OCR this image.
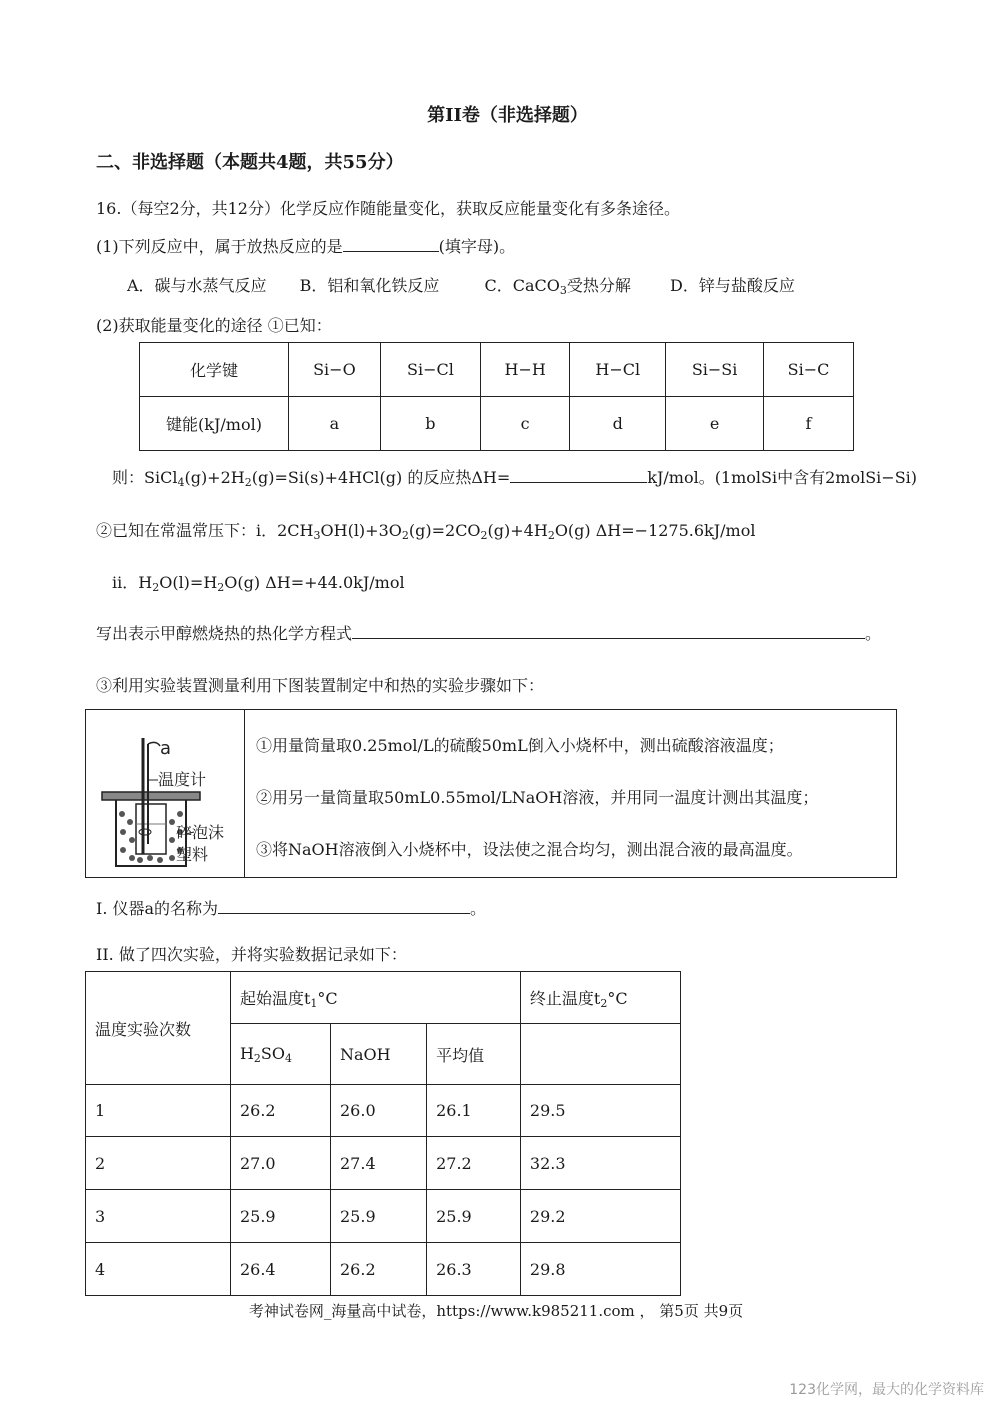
第II卷（非选择题）
二、非选择题（本题共4题，共55分）
16.（每空2分，共12分）化学反应作随能量变化，获取反应能量变化有多条途径。
(1)下列反应中，属于放热反应的是	(填字母)。
A．碳与水蒸气反应 B．铝和氧化铁反应	C．CaCO$_3$受热分解 D．锌与盐酸反应
(2)获取能量变化的途径 ①已知：
化学键	Si−O	Si−Cl	H−H	H−Cl	Si−Si	Si−C
键能(kJ/mol)	a	b	c	d	e	f
则：$SiCl_4(g)+2H_2(g)=Si(s)+4HCl(g)$ 的反应热ΔH=	kJ/mol。(1molSi中含有2molSi−Si)
②已知在常温常压下：i．$2CH_3OH(l)+3O_2(g)=2CO_2(g)+4H_2O(g)$ ΔH=−1275.6kJ/mol
ii．$H_2O(l)=H_2O(g)$ ΔH=+44.0kJ/mol
写出表示甲醇燃烧热的热化学方程式	。
③利用实验装置测量利用下图装置制定中和热的实验步骤如下：
a
温度计
碎泡沫
塑料
①用量筒量取0.25mol/L的硫酸50mL倒入小烧杯中，测出硫酸溶液温度；
②用另一量筒量取50mL0.55mol/LNaOH溶液，并用同一温度计测出其温度；
③将NaOH溶液倒入小烧杯中，设法使之混合均匀，测出混合液的最高温度。
I. 仪器a的名称为	。
II. 做了四次实验，并将实验数据记录如下：
温度实验次数	起始温度$t_1^\circ C$			终止温度$t_2^\circ C$
	$H_2SO_4$	NaOH	平均值	
1	26.2	26.0	26.1	29.5
2	27.0	27.4	27.2	32.3
3	25.9	25.9	25.9	29.2
4	26.4	26.2	26.3	29.8
考神试卷网_海量高中试卷，https://www.k985211.com ， 第5页 共9页
123化学网，最大的化学资料库
